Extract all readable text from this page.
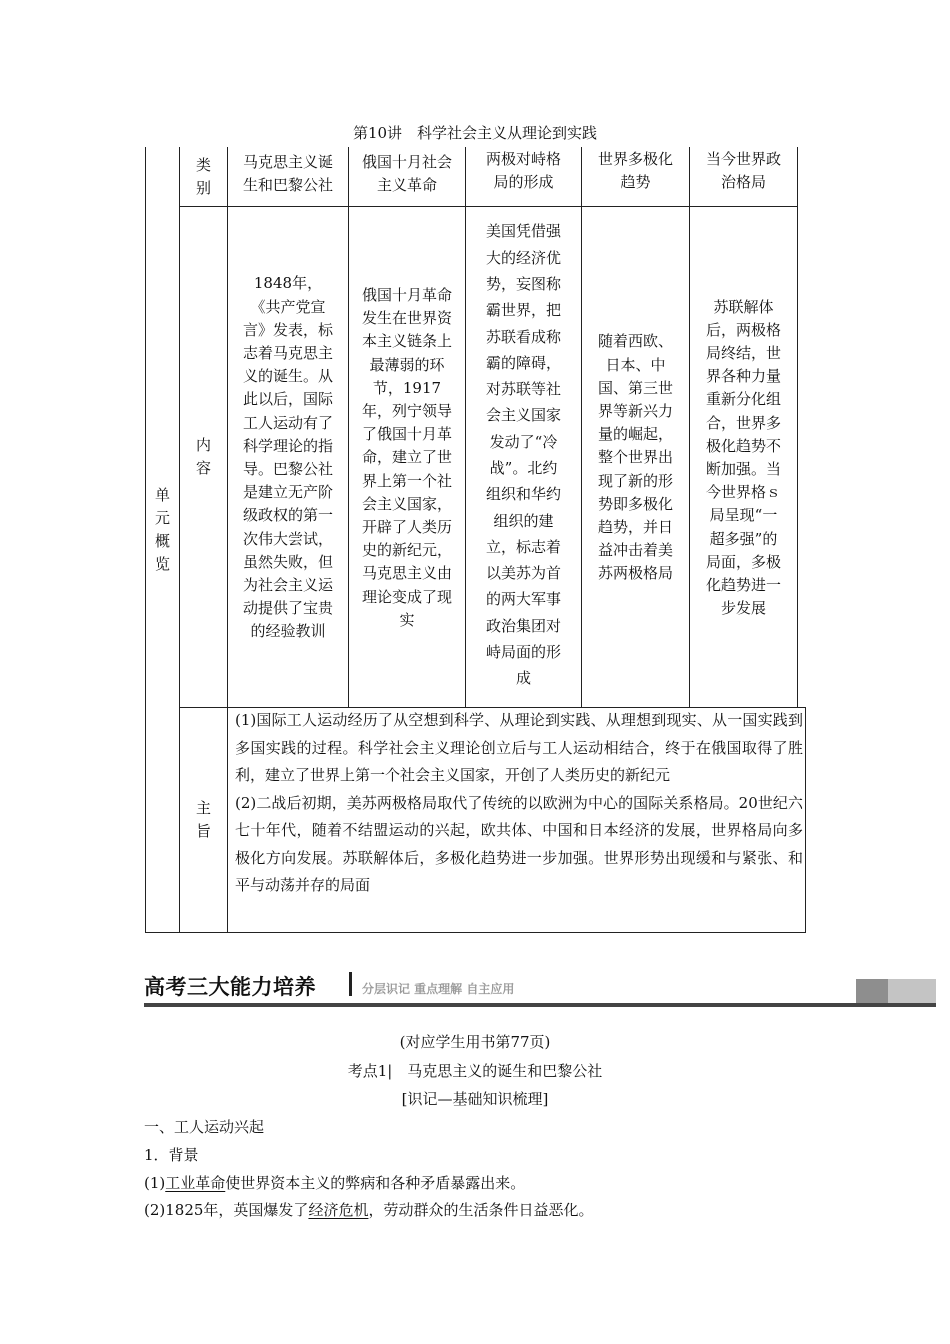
第10讲　科学社会主义从理论到实践
单
元
概
览
类
别
内
容
主
旨
马克思主义诞
生和巴黎公社
俄国十月社会
主义革命
两极对峙格
局的形成
世界多极化
趋势
当今世界政
治格局
1848年，
《共产党宣
言》发表，标
志着马克思主
义的诞生。从
此以后，国际
工人运动有了
科学理论的指
导。巴黎公社
是建立无产阶
级政权的第一
次伟大尝试，
虽然失败，但
为社会主义运
动提供了宝贵
的经验教训
俄国十月革命
发生在世界资
本主义链条上
最薄弱的环
节，1917
年，列宁领导
了俄国十月革
命，建立了世
界上第一个社
会主义国家，
开辟了人类历
史的新纪元，
马克思主义由
理论变成了现
实
美国凭借强
大的经济优
势，妄图称
霸世界，把
苏联看成称
霸的障碍，
对苏联等社
会主义国家
发动了“冷
战”。北约
组织和华约
组织的建
立，标志着
以美苏为首
的两大军事
政治集团对
峙局面的形
成
随着西欧、
日本、中
国、第三世
界等新兴力
量的崛起，
整个世界出
现了新的形
势即多极化
趋势，并日
益冲击着美
苏两极格局
苏联解体
后，两极格
局终结，世
界各种力量
重新分化组
合，世界多
极化趋势不
断加强。当
今世界格ｓ
局呈现“一
超多强”的
局面，多极
化趋势进一
步发展
(1)国际工人运动经历了从空想到科学、从理论到实践、从理想到现实、从一国实践到多国实践的过程。科学社会主义理论创立后与工人运动相结合，终于在俄国取得了胜利，建立了世界上第一个社会主义国家，开创了人类历史的新纪元
(2)二战后初期，美苏两极格局取代了传统的以欧洲为中心的国际关系格局。20世纪六七十年代，随着不结盟运动的兴起，欧共体、中国和日本经济的发展，世界格局向多极化方向发展。苏联解体后，多极化趋势进一步加强。世界形势出现缓和与紧张、和平与动荡并存的局面
高考三大能力培养	分层识记 重点理解 自主应用
(对应学生用书第77页)
考点1|　马克思主义的诞生和巴黎公社
[识记—基础知识梳理]
一、工人运动兴起
1．背景
(1)工业革命使世界资本主义的弊病和各种矛盾暴露出来。
(2)1825年，英国爆发了经济危机，劳动群众的生活条件日益恶化。
